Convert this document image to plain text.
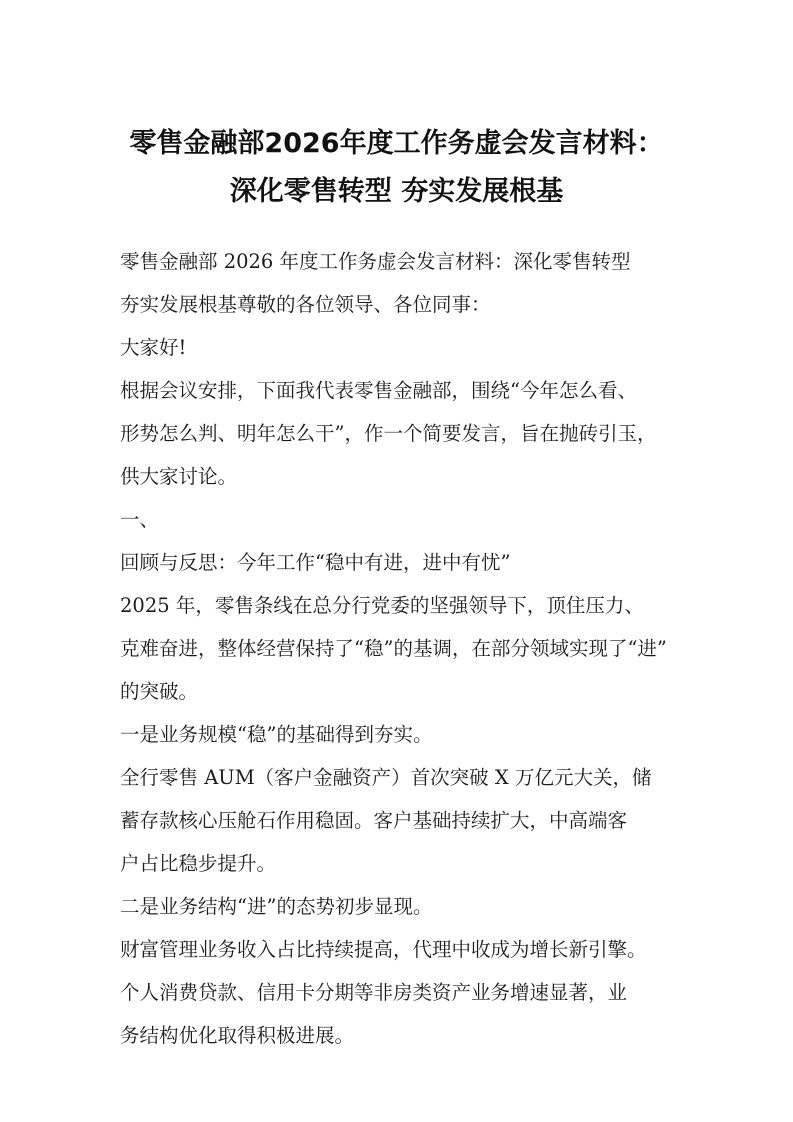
零售金融部2026年度工作务虚会发言材料：
深化零售转型 夯实发展根基

零售金融部 2026 年度工作务虚会发言材料：深化零售转型

夯实发展根基尊敬的各位领导、各位同事：

大家好!

根据会议安排，下面我代表零售金融部，围绕“今年怎么看、

形势怎么判、明年怎么干”，作一个简要发言，旨在抛砖引玉，

供大家讨论。

一、

回顾与反思：今年工作“稳中有进，进中有忧”

2025 年，零售条线在总分行党委的坚强领导下，顶住压力、

克难奋进，整体经营保持了“稳”的基调，在部分领域实现了“进”

的突破。

一是业务规模“稳”的基础得到夯实。

全行零售 AUM（客户金融资产）首次突破 X 万亿元大关，储

蓄存款核心压舱石作用稳固。客户基础持续扩大，中高端客

户占比稳步提升。

二是业务结构“进”的态势初步显现。

财富管理业务收入占比持续提高，代理中收成为增长新引擎。

个人消费贷款、信用卡分期等非房类资产业务增速显著，业

务结构优化取得积极进展。
